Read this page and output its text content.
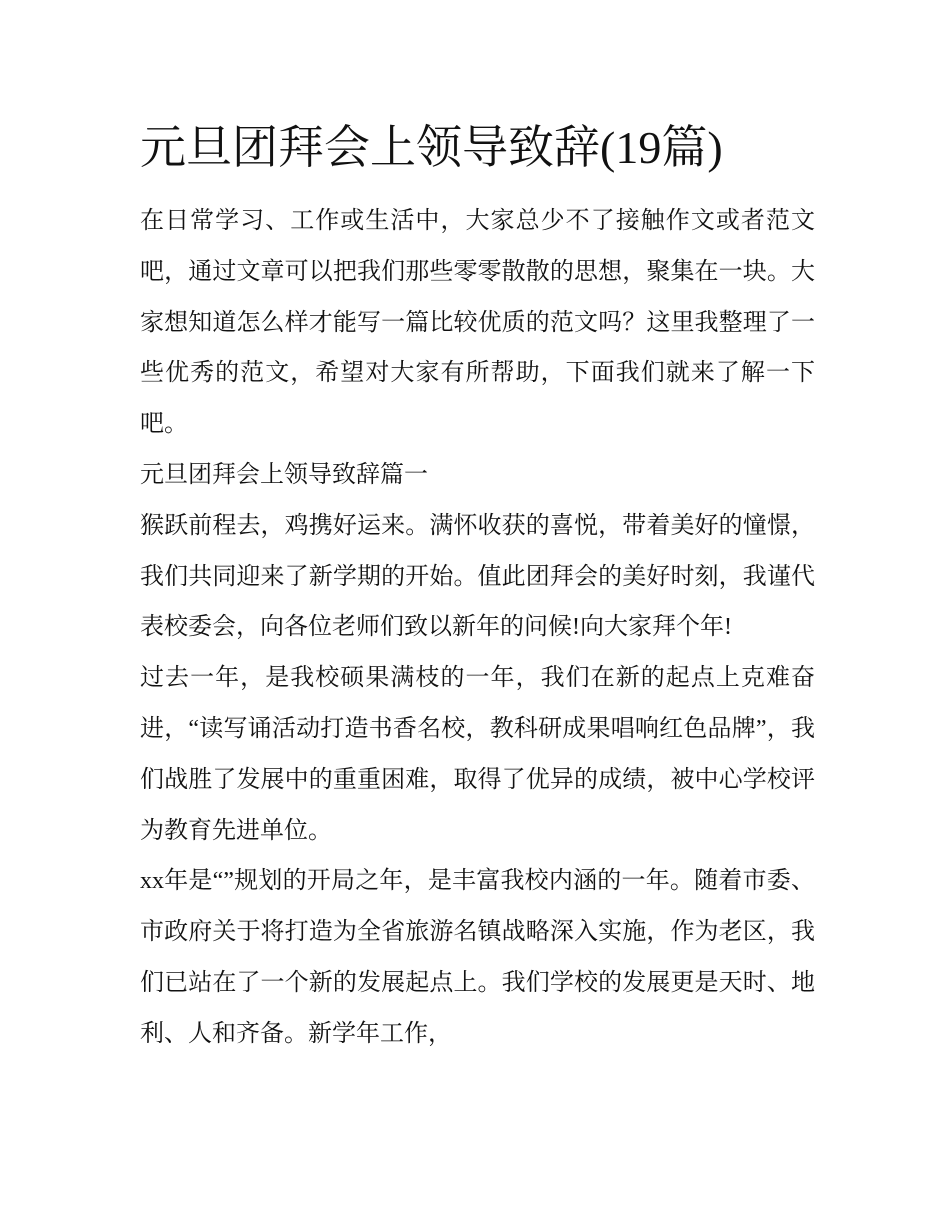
元旦团拜会上领导致辞(19篇)

在日常学习、工作或生活中，大家总少不了接触作文或者范文吧，通过文章可以把我们那些零零散散的思想，聚集在一块。大家想知道怎么样才能写一篇比较优质的范文吗？这里我整理了一些优秀的范文，希望对大家有所帮助，下面我们就来了解一下吧。

元旦团拜会上领导致辞篇一

猴跃前程去，鸡携好运来。满怀收获的喜悦，带着美好的憧憬，我们共同迎来了新学期的开始。值此团拜会的美好时刻，我谨代表校委会，向各位老师们致以新年的问候!向大家拜个年!

过去一年，是我校硕果满枝的一年，我们在新的起点上克难奋进，“读写诵活动打造书香名校，教科研成果唱响红色品牌”，我们战胜了发展中的重重困难，取得了优异的成绩，被中心学校评为教育先进单位。

xx年是“”规划的开局之年，是丰富我校内涵的一年。随着市委、市政府关于将打造为全省旅游名镇战略深入实施，作为老区，我们已站在了一个新的发展起点上。我们学校的发展更是天时、地利、人和齐备。新学年工作，
